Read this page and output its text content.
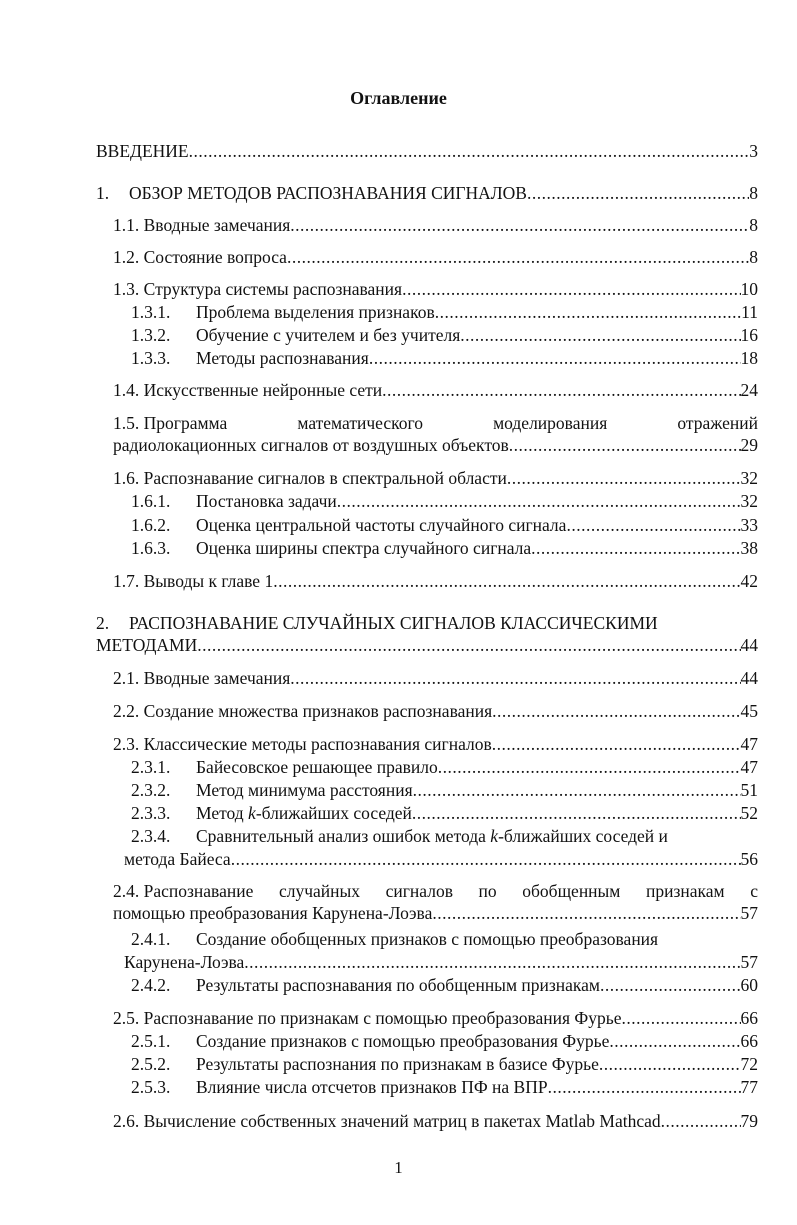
Оглавление
ВВЕДЕНИЕ .....	3
1. ОБЗОР МЕТОДОВ РАСПОЗНАВАНИЯ СИГНАЛОВ .....	8
1.1. Вводные замечания .....	8
1.2. Состояние вопроса .....	8
1.3. Структура системы распознавания .....	10
1.3.1. Проблема выделения признаков .....	11
1.3.2. Обучение с учителем и без учителя .....	16
1.3.3. Методы распознавания .....	18
1.4. Искусственные нейронные сети .....	24
1.5. Программа	математического	моделирования	отражений
радиолокационных сигналов от воздушных объектов .....	29
1.6. Распознавание сигналов в спектральной области .....	32
1.6.1. Постановка задачи .....	32
1.6.2. Оценка центральной частоты случайного сигнала .....	33
1.6.3. Оценка ширины спектра случайного сигнала .....	38
1.7. Выводы к главе 1 .....	42
2. РАСПОЗНАВАНИЕ СЛУЧАЙНЫХ СИГНАЛОВ КЛАССИЧЕСКИМИ
МЕТОДАМИ .....	44
2.1. Вводные замечания .....	44
2.2. Создание множества признаков распознавания .....	45
2.3. Классические методы распознавания сигналов .....	47
2.3.1. Байесовское решающее правило .....	47
2.3.2. Метод минимума расстояния .....	51
2.3.3. Метод k-ближайших соседей .....	52
2.3.4. Сравнительный анализ ошибок метода k-ближайших соседей и
метода Байеса .....	56
2.4. Распознавание случайных сигналов по обобщенным признакам с
помощью преобразования Карунена-Лоэва .....	57
2.4.1. Создание обобщенных признаков с помощью преобразования
Карунена-Лоэва .....	57
2.4.2. Результаты распознавания по обобщенным признакам .....	60
2.5. Распознавание по признакам с помощью преобразования Фурье .....	66
2.5.1. Создание признаков с помощью преобразования Фурье .....	66
2.5.2. Результаты распознания по признакам в базисе Фурье .....	72
2.5.3. Влияние числа отсчетов признаков ПФ на ВПР .....	77
2.6. Вычисление собственных значений матриц в пакетах Matlab Mathcad .....	79
1
